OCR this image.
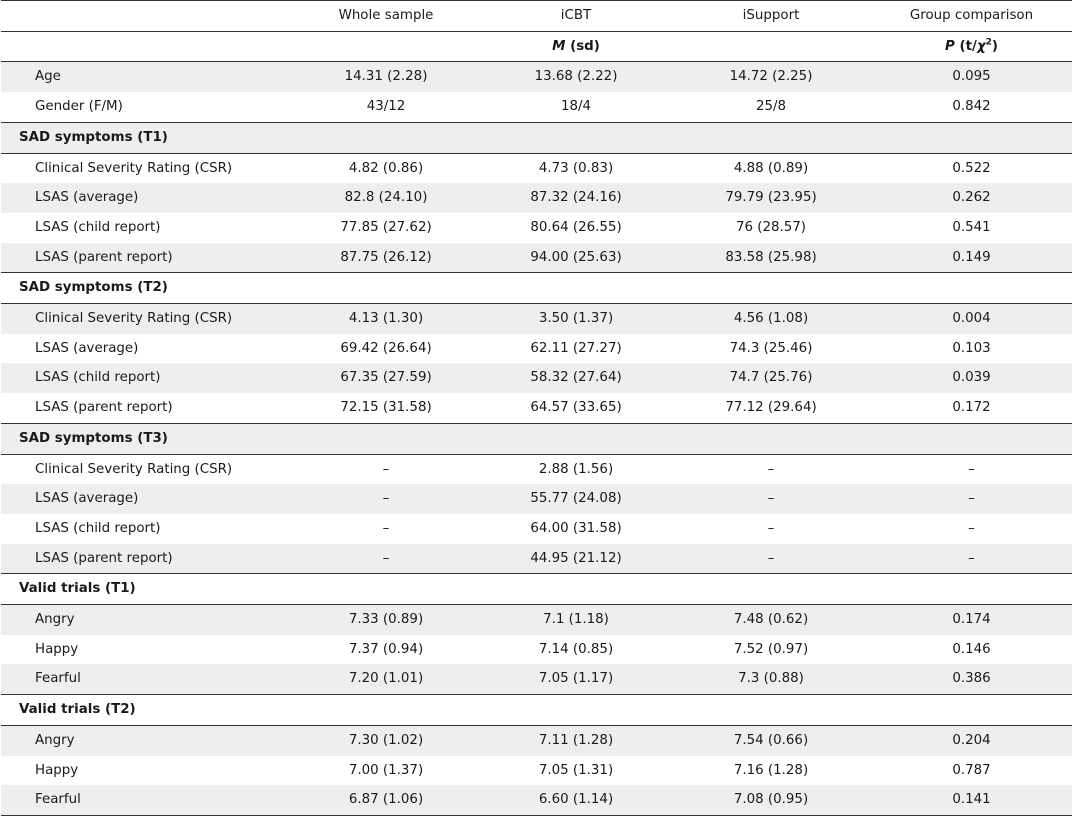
	Whole sample	iCBT	iSupport	Group comparison
		M (sd)		P $(t/\chi^2)$
Age	14.31 (2.28)	13.68 (2.22)	14.72 (2.25)	0.095
Gender (F/M)	43/12	18/4	25/8	0.842
SAD symptoms (T1)				
Clinical Severity Rating (CSR)	4.82 (0.86)	4.73 (0.83)	4.88 (0.89)	0.522
LSAS (average)	82.8 (24.10)	87.32 (24.16)	79.79 (23.95)	0.262
LSAS (child report)	77.85 (27.62)	80.64 (26.55)	76 (28.57)	0.541
LSAS (parent report)	87.75 (26.12)	94.00 (25.63)	83.58 (25.98)	0.149
SAD symptoms (T2)				
Clinical Severity Rating (CSR)	4.13 (1.30)	3.50 (1.37)	4.56 (1.08)	0.004
LSAS (average)	69.42 (26.64)	62.11 (27.27)	74.3 (25.46)	0.103
LSAS (child report)	67.35 (27.59)	58.32 (27.64)	74.7 (25.76)	0.039
LSAS (parent report)	72.15 (31.58)	64.57 (33.65)	77.12 (29.64)	0.172
SAD symptoms (T3)				
Clinical Severity Rating (CSR)	–	2.88 (1.56)	–	–
LSAS (average)	–	55.77 (24.08)	–	–
LSAS (child report)	–	64.00 (31.58)	–	–
LSAS (parent report)	–	44.95 (21.12)	–	–
Valid trials (T1)				
Angry	7.33 (0.89)	7.1 (1.18)	7.48 (0.62)	0.174
Happy	7.37 (0.94)	7.14 (0.85)	7.52 (0.97)	0.146
Fearful	7.20 (1.01)	7.05 (1.17)	7.3 (0.88)	0.386
Valid trials (T2)				
Angry	7.30 (1.02)	7.11 (1.28)	7.54 (0.66)	0.204
Happy	7.00 (1.37)	7.05 (1.31)	7.16 (1.28)	0.787
Fearful	6.87 (1.06)	6.60 (1.14)	7.08 (0.95)	0.141
